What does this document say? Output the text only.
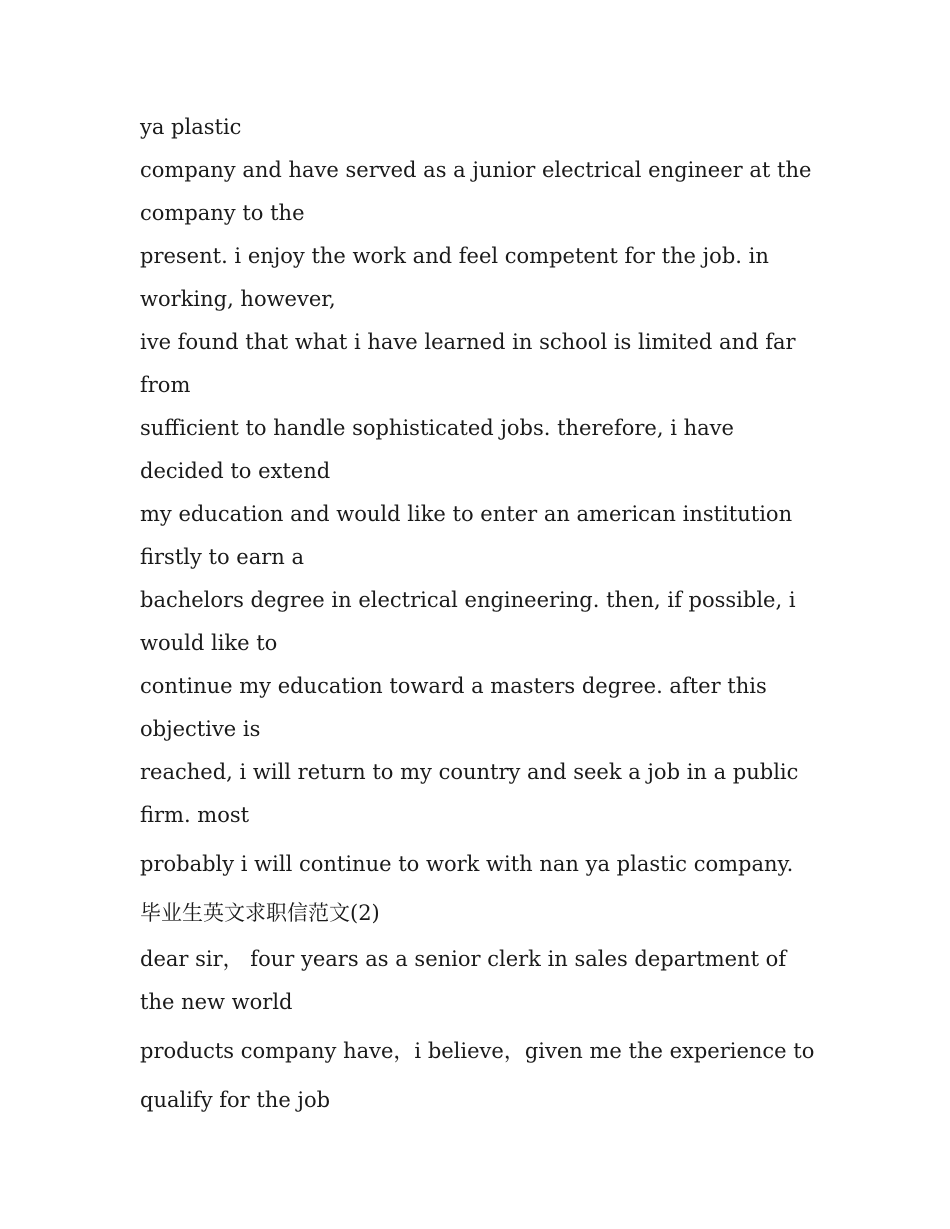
ya plastic

company and have served as a junior electrical engineer at the company to the

present. i enjoy the work and feel competent for the job. in working, however,

ive found that what i have learned in school is limited and far from

sufficient to handle sophisticated jobs. therefore, i have decided to extend

my education and would like to enter an american institution firstly to earn a

bachelors degree in electrical engineering. then, if possible, i would like to

continue my education toward a masters degree. after this objective is

reached, i will return to my country and seek a job in a public firm. most

probably i will continue to work with nan ya plastic company. 毕业生英文求职信范文(2)

dear sir， four years as a senior clerk in sales department of the new world

products company have，i believe，given me the experience to qualify for the job
